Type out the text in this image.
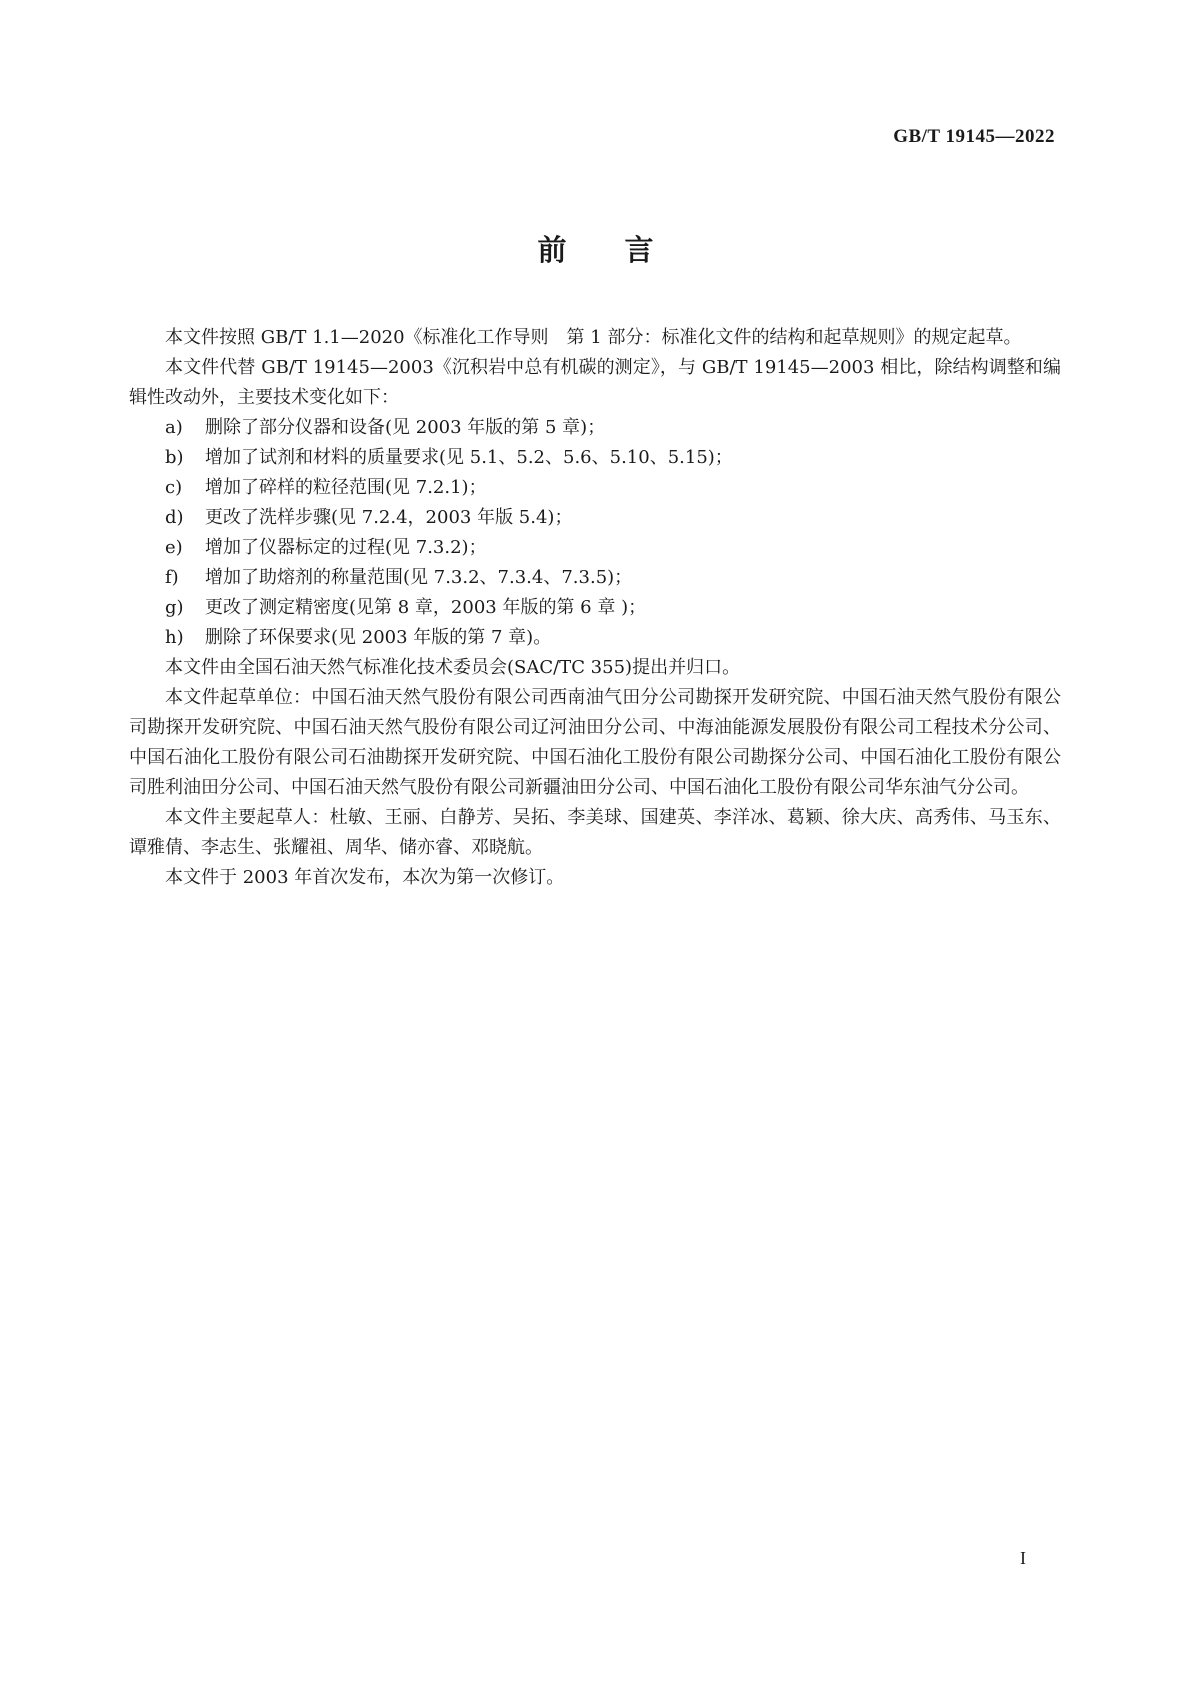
GB/T 19145—2022
前言

本文件按照 GB/T 1.1—2020《标准化工作导则　第 1 部分：标准化文件的结构和起草规则》的规定起草。

本文件代替 GB/T 19145—2003《沉积岩中总有机碳的测定》，与 GB/T 19145—2003 相比，除结构调整和编辑性改动外，主要技术变化如下：

a)	删除了部分仪器和设备(见 2003 年版的第 5 章)；
b)	增加了试剂和材料的质量要求(见 5.1、5.2、5.6、5.10、5.15)；
c)	增加了碎样的粒径范围(见 7.2.1)；
d)	更改了洗样步骤(见 7.2.4，2003 年版 5.4)；
e)	增加了仪器标定的过程(见 7.3.2)；
f)	增加了助熔剂的称量范围(见 7.3.2、7.3.4、7.3.5)；
g)	更改了测定精密度(见第 8 章，2003 年版的第 6 章 )；
h)	删除了环保要求(见 2003 年版的第 7 章)。

本文件由全国石油天然气标准化技术委员会(SAC/TC 355)提出并归口。

本文件起草单位：中国石油天然气股份有限公司西南油气田分公司勘探开发研究院、中国石油天然气股份有限公司勘探开发研究院、中国石油天然气股份有限公司辽河油田分公司、中海油能源发展股份有限公司工程技术分公司、中国石油化工股份有限公司石油勘探开发研究院、中国石油化工股份有限公司勘探分公司、中国石油化工股份有限公司胜利油田分公司、中国石油天然气股份有限公司新疆油田分公司、中国石油化工股份有限公司华东油气分公司。

本文件主要起草人：杜敏、王丽、白静芳、吴拓、李美球、国建英、李洋冰、葛颖、徐大庆、高秀伟、马玉东、谭雅倩、李志生、张耀祖、周华、储亦睿、邓晓航。

本文件于 2003 年首次发布，本次为第一次修订。

I
